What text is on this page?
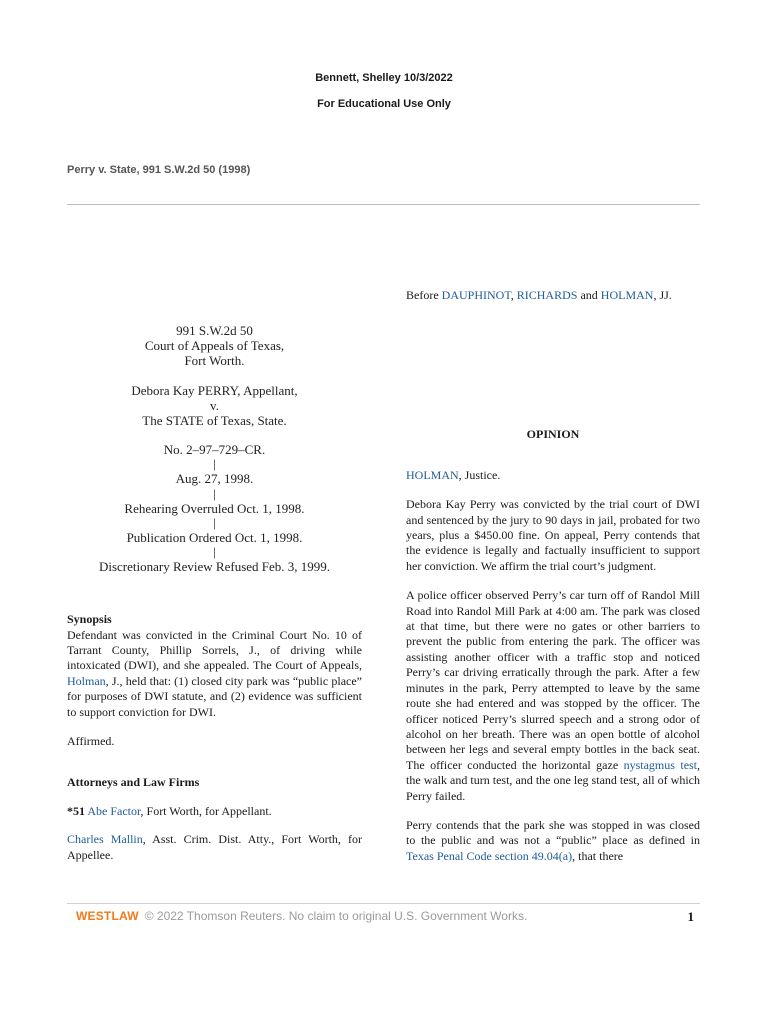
Bennett, Shelley 10/3/2022
For Educational Use Only
Perry v. State, 991 S.W.2d 50 (1998)
991 S.W.2d 50
Court of Appeals of Texas,
Fort Worth.
Debora Kay PERRY, Appellant,
v.
The STATE of Texas, State.
No. 2–97–729–CR.
|
Aug. 27, 1998.
|
Rehearing Overruled Oct. 1, 1998.
|
Publication Ordered Oct. 1, 1998.
|
Discretionary Review Refused Feb. 3, 1999.
Synopsis

Defendant was convicted in the Criminal Court No. 10 of Tarrant County, Phillip Sorrels, J., of driving while intoxicated (DWI), and she appealed. The Court of Appeals, Holman, J., held that: (1) closed city park was “public place” for purposes of DWI statute, and (2) evidence was sufficient to support conviction for DWI.

Affirmed.

Attorneys and Law Firms

*51 Abe Factor, Fort Worth, for Appellant.

Charles Mallin, Asst. Crim. Dist. Atty., Fort Worth, for Appellee.

Before DAUPHINOT, RICHARDS and HOLMAN, JJ.

OPINION

HOLMAN, Justice.

Debora Kay Perry was convicted by the trial court of DWI and sentenced by the jury to 90 days in jail, probated for two years, plus a $450.00 fine. On appeal, Perry contends that the evidence is legally and factually insufficient to support her conviction. We affirm the trial court’s judgment.

A police officer observed Perry’s car turn off of Randol Mill Road into Randol Mill Park at 4:00 am. The park was closed at that time, but there were no gates or other barriers to prevent the public from entering the park. The officer was assisting another officer with a traffic stop and noticed Perry’s car driving erratically through the park. After a few minutes in the park, Perry attempted to leave by the same route she had entered and was stopped by the officer. The officer noticed Perry’s slurred speech and a strong odor of alcohol on her breath. There was an open bottle of alcohol between her legs and several empty bottles in the back seat. The officer conducted the horizontal gaze nystagmus test, the walk and turn test, and the one leg stand test, all of which Perry failed.

Perry contends that the park she was stopped in was closed to the public and was not a “public” place as defined in Texas Penal Code section 49.04(a), that there

WESTLAW © 2022 Thomson Reuters. No claim to original U.S. Government Works.	1
